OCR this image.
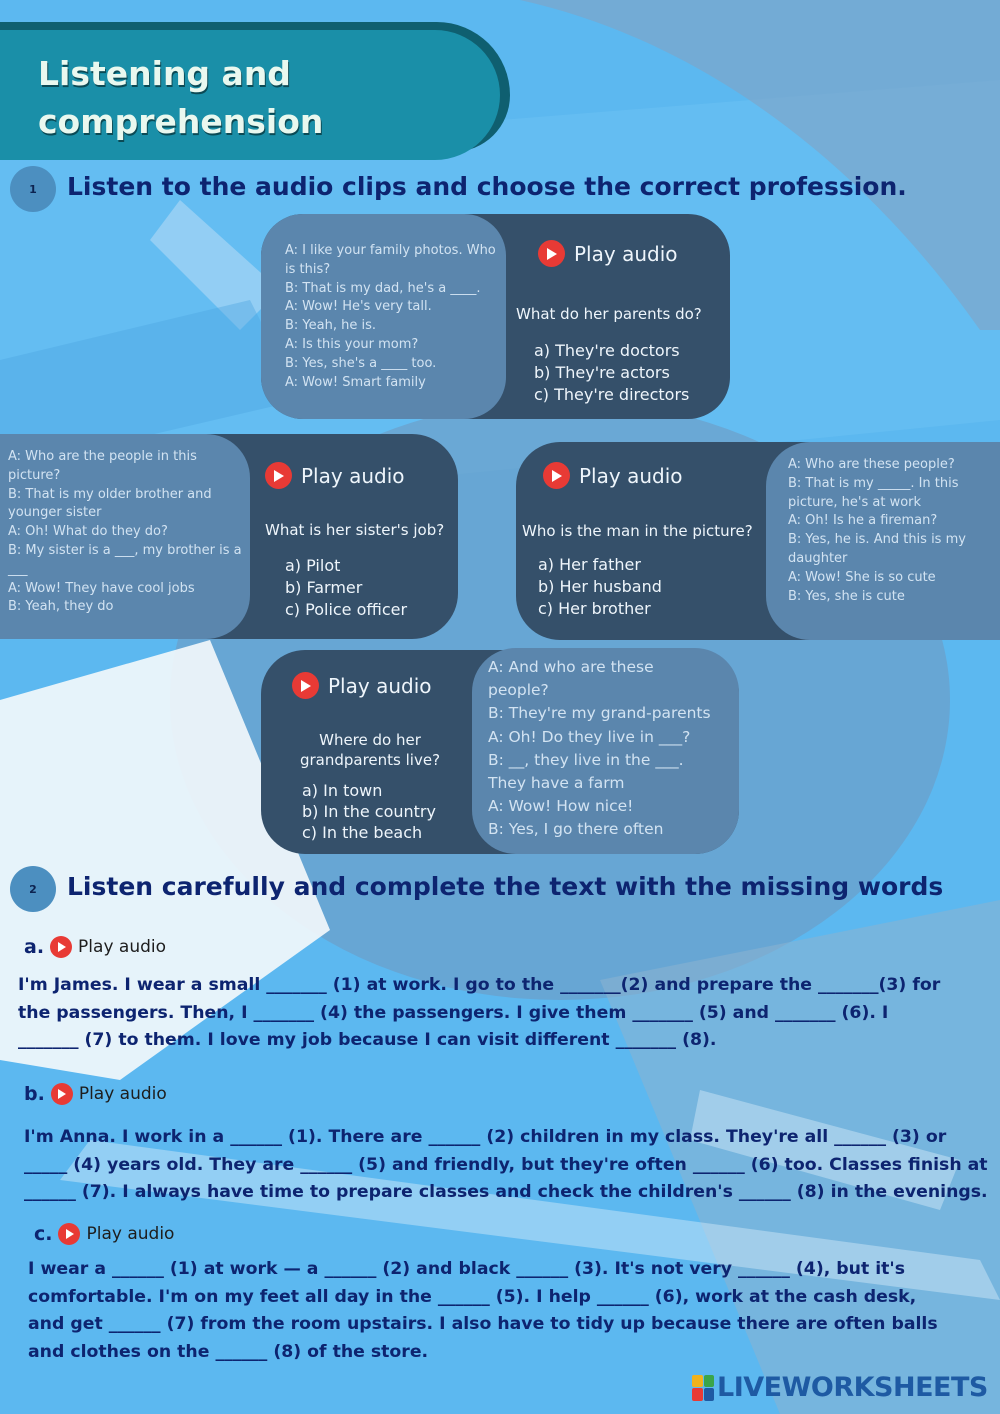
Listening and comprehension
1	Listen to the audio clips and choose the correct profession.
A: I like your family photos. Who is this?
B: That is my dad, he's a ____.
A: Wow! He's very tall.
B: Yeah, he is.
A: Is this your mom?
B: Yes, she's a ____ too.
A: Wow! Smart family
Play audio
What do her parents do?
a) They're doctors
b) They're actors
c) They're directors
A: Who are the people in this picture?
B: That is my older brother and younger sister
A: Oh! What do they do?
B: My sister is a ___, my brother is a ___
A: Wow! They have cool jobs
B: Yeah, they do
Play audio
What is her sister's job?
a) Pilot
b) Farmer
c) Police officer
A: Who are these people?
B: That is my _____. In this picture, he's at work
A: Oh! Is he a fireman?
B: Yes, he is. And this is my daughter
A: Wow! She is so cute
B: Yes, she is cute
Play audio
Who is the man in the picture?
a) Her father
b) Her husband
c) Her brother
A: And who are these people?
B: They're my grand-parents
A: Oh! Do they live in ___?
B: __, they live in the ___.
They have a farm
A: Wow! How nice!
B: Yes, I go there often
Play audio
Where do her grandparents live?
a) In town
b) In the country
c) In the beach
2	Listen carefully and complete the text with the missing words
a. Play audio
I'm James. I wear a small _______ (1) at work. I go to the _______(2) and prepare the _______(3) for
the passengers. Then, I _______ (4) the passengers. I give them _______ (5) and _______ (6). I
_______ (7) to them. I love my job because I can visit different _______ (8).
b. Play audio
I'm Anna. I work in a ______ (1). There are ______ (2) children in my class. They're all ______ (3) or
_____ (4) years old. They are ______ (5) and friendly, but they're often ______ (6) too. Classes finish at
______ (7). I always have time to prepare classes and check the children's ______ (8) in the evenings.
c. Play audio
I wear a ______ (1) at work — a ______ (2) and black ______ (3). It's not very ______ (4), but it's
comfortable. I'm on my feet all day in the ______ (5). I help ______ (6), work at the cash desk,
and get ______ (7) from the room upstairs. I also have to tidy up because there are often balls
and clothes on the ______ (8) of the store.
LIVEWORKSHEETS
